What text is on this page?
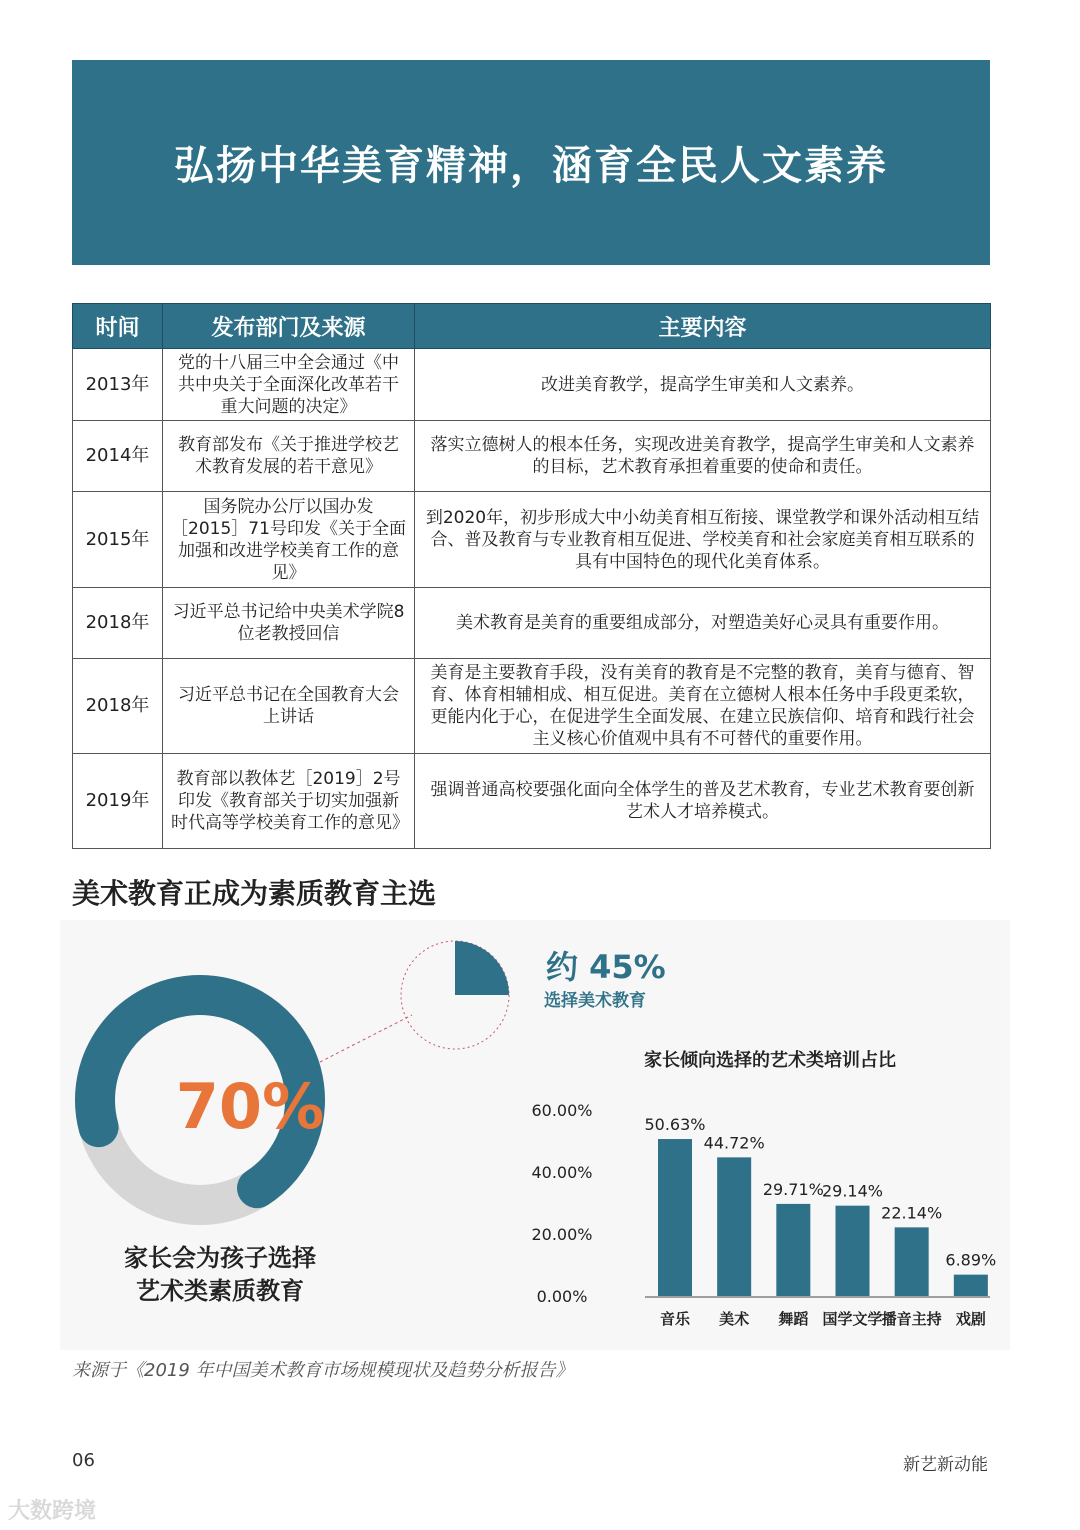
弘扬中华美育精神，涵育全民人文素养
时间	发布部门及来源	主要内容
2013年	党的十八届三中全会通过《中共中央关于全面深化改革若干重大问题的决定》	改进美育教学，提高学生审美和人文素养。
2014年	教育部发布《关于推进学校艺术教育发展的若干意见》	落实立德树人的根本任务，实现改进美育教学，提高学生审美和人文素养的目标，艺术教育承担着重要的使命和责任。
2015年	国务院办公厅以国办发［2015］71号印发《关于全面加强和改进学校美育工作的意见》	到2020年，初步形成大中小幼美育相互衔接、课堂教学和课外活动相互结合、普及教育与专业教育相互促进、学校美育和社会家庭美育相互联系的具有中国特色的现代化美育体系。
2018年	习近平总书记给中央美术学院8位老教授回信	美术教育是美育的重要组成部分，对塑造美好心灵具有重要作用。
2018年	习近平总书记在全国教育大会上讲话	美育是主要教育手段，没有美育的教育是不完整的教育，美育与德育、智育、体育相辅相成、相互促进。美育在立德树人根本任务中手段更柔软，更能内化于心，在促进学生全面发展、在建立民族信仰、培育和践行社会主义核心价值观中具有不可替代的重要作用。
2019年	教育部以教体艺［2019］2号印发《教育部关于切实加强新时代高等学校美育工作的意见》	强调普通高校要强化面向全体学生的普及艺术教育，专业艺术教育要创新艺术人才培养模式。
美术教育正成为素质教育主选
70%
家长会为孩子选择
艺术类素质教育
约 45%
选择美术教育
家长倾向选择的艺术类培训占比
0.00%
20.00%
40.00%
60.00%
50.63%
音乐
44.72%
美术
29.71%
舞蹈
29.14%
国学文学
22.14%
播音主持
6.89%
戏剧
来源于《2019 年中国美术教育市场规模现状及趋势分析报告》
06	新艺新动能
大数跨境
